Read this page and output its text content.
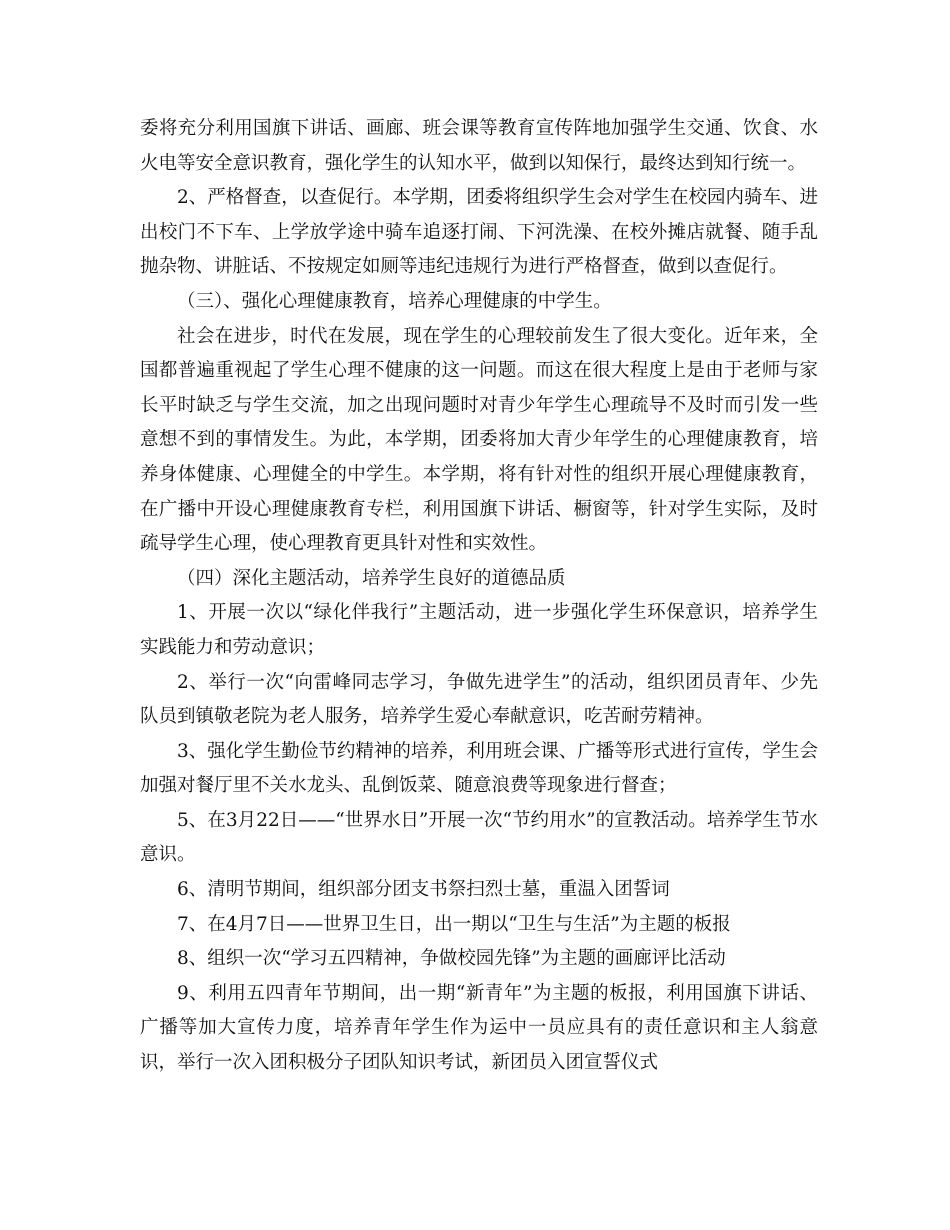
委将充分利用国旗下讲话、画廊、班会课等教育宣传阵地加强学生交通、饮食、水火电等安全意识教育，强化学生的认知水平，做到以知保行，最终达到知行统一。

2、严格督查，以查促行。本学期，团委将组织学生会对学生在校园内骑车、进出校门不下车、上学放学途中骑车追逐打闹、下河洗澡、在校外摊店就餐、随手乱抛杂物、讲脏话、不按规定如厕等违纪违规行为进行严格督查，做到以查促行。

（三）、强化心理健康教育，培养心理健康的中学生。

社会在进步，时代在发展，现在学生的心理较前发生了很大变化。近年来，全国都普遍重视起了学生心理不健康的这一问题。而这在很大程度上是由于老师与家长平时缺乏与学生交流，加之出现问题时对青少年学生心理疏导不及时而引发一些意想不到的事情发生。为此，本学期，团委将加大青少年学生的心理健康教育，培养身体健康、心理健全的中学生。本学期，将有针对性的组织开展心理健康教育，在广播中开设心理健康教育专栏，利用国旗下讲话、橱窗等，针对学生实际，及时疏导学生心理，使心理教育更具针对性和实效性。

（四）深化主题活动，培养学生良好的道德品质

1、开展一次以“绿化伴我行”主题活动，进一步强化学生环保意识，培养学生实践能力和劳动意识；

2、举行一次“向雷峰同志学习，争做先进学生”的活动，组织团员青年、少先队员到镇敬老院为老人服务，培养学生爱心奉献意识，吃苦耐劳精神。

3、强化学生勤俭节约精神的培养，利用班会课、广播等形式进行宣传，学生会加强对餐厅里不关水龙头、乱倒饭菜、随意浪费等现象进行督查；

5、在3月22日——“世界水日”开展一次“节约用水”的宣教活动。培养学生节水意识。

6、清明节期间，组织部分团支书祭扫烈士墓，重温入团誓词

7、在4月7日——世界卫生日，出一期以“卫生与生活”为主题的板报

8、组织一次“学习五四精神，争做校园先锋”为主题的画廊评比活动

9、利用五四青年节期间，出一期“新青年”为主题的板报，利用国旗下讲话、广播等加大宣传力度，培养青年学生作为运中一员应具有的责任意识和主人翁意识，举行一次入团积极分子团队知识考试，新团员入团宣誓仪式
